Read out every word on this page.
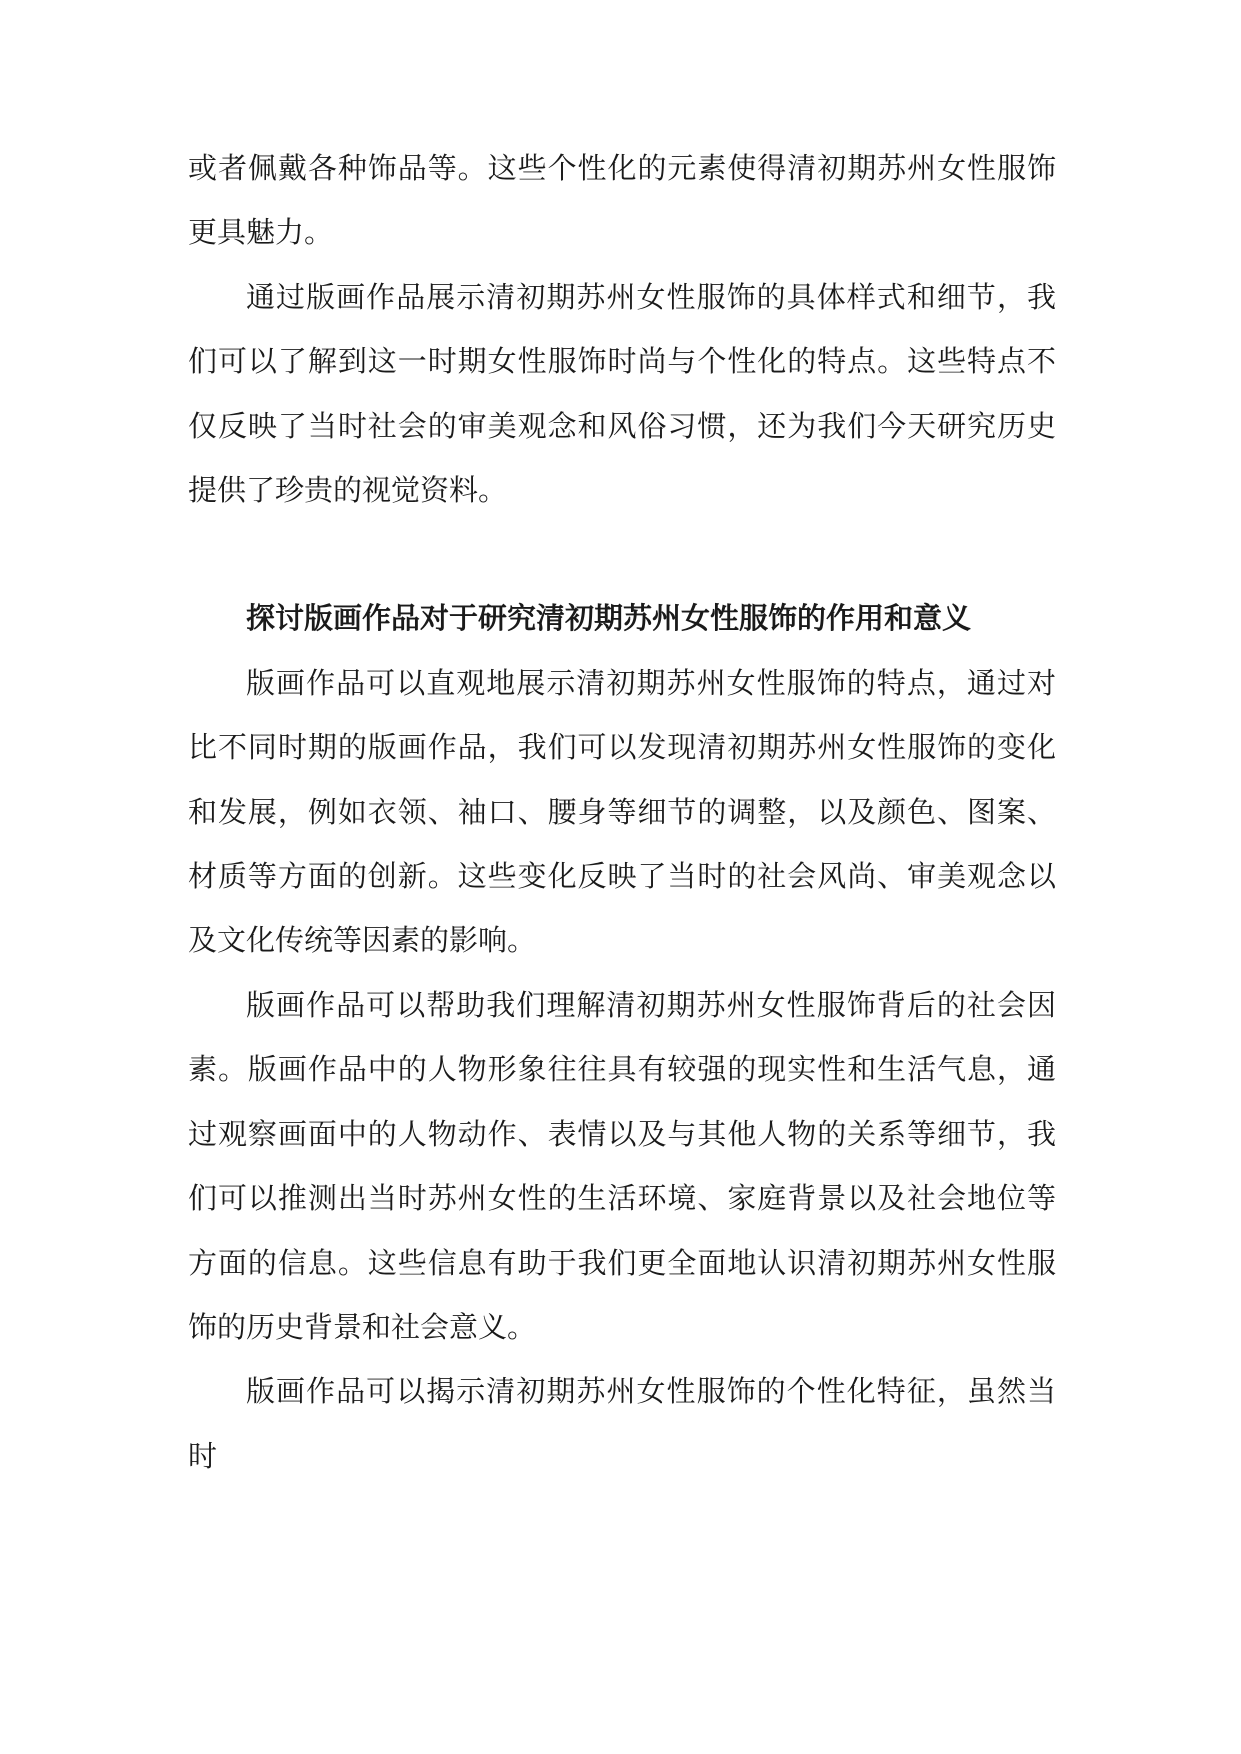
或者佩戴各种饰品等。这些个性化的元素使得清初期苏州女性服饰更具魅力。

通过版画作品展示清初期苏州女性服饰的具体样式和细节，我们可以了解到这一时期女性服饰时尚与个性化的特点。这些特点不仅反映了当时社会的审美观念和风俗习惯，还为我们今天研究历史提供了珍贵的视觉资料。

探讨版画作品对于研究清初期苏州女性服饰的作用和意义

版画作品可以直观地展示清初期苏州女性服饰的特点，通过对比不同时期的版画作品，我们可以发现清初期苏州女性服饰的变化和发展，例如衣领、袖口、腰身等细节的调整，以及颜色、图案、材质等方面的创新。这些变化反映了当时的社会风尚、审美观念以及文化传统等因素的影响。

版画作品可以帮助我们理解清初期苏州女性服饰背后的社会因素。版画作品中的人物形象往往具有较强的现实性和生活气息，通过观察画面中的人物动作、表情以及与其他人物的关系等细节，我们可以推测出当时苏州女性的生活环境、家庭背景以及社会地位等方面的信息。这些信息有助于我们更全面地认识清初期苏州女性服饰的历史背景和社会意义。

版画作品可以揭示清初期苏州女性服饰的个性化特征，虽然当时
